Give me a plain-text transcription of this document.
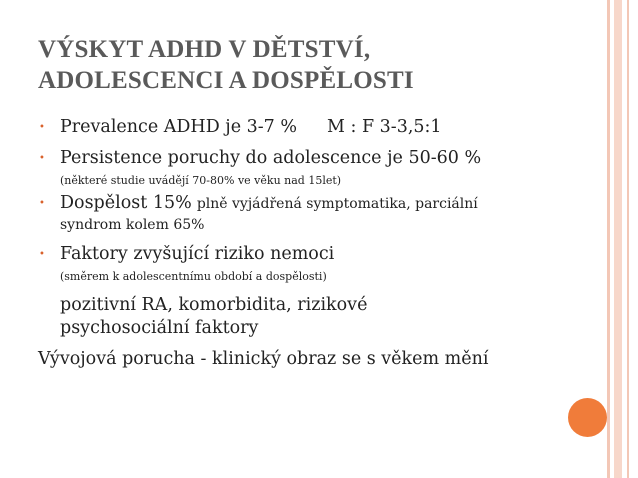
VÝSKYT ADHD V DĚTSTVÍ,
ADOLESCENCI A DOSPĚLOSTI
• Prevalence ADHD je 3-7 % M : F 3-3,5:1
• Persistence poruchy do adolescence je 50-60 %
(některé studie uvádějí 70-80% ve věku nad 15let)
• Dospělost 15% plně vyjádřená symptomatika, parciální
syndrom kolem 65%
• Faktory zvyšující riziko nemoci
(směrem k adolescentnímu období a dospělosti)
pozitivní RA, komorbidita, rizikové
psychosociální faktory
Vývojová porucha - klinický obraz se s věkem mění
